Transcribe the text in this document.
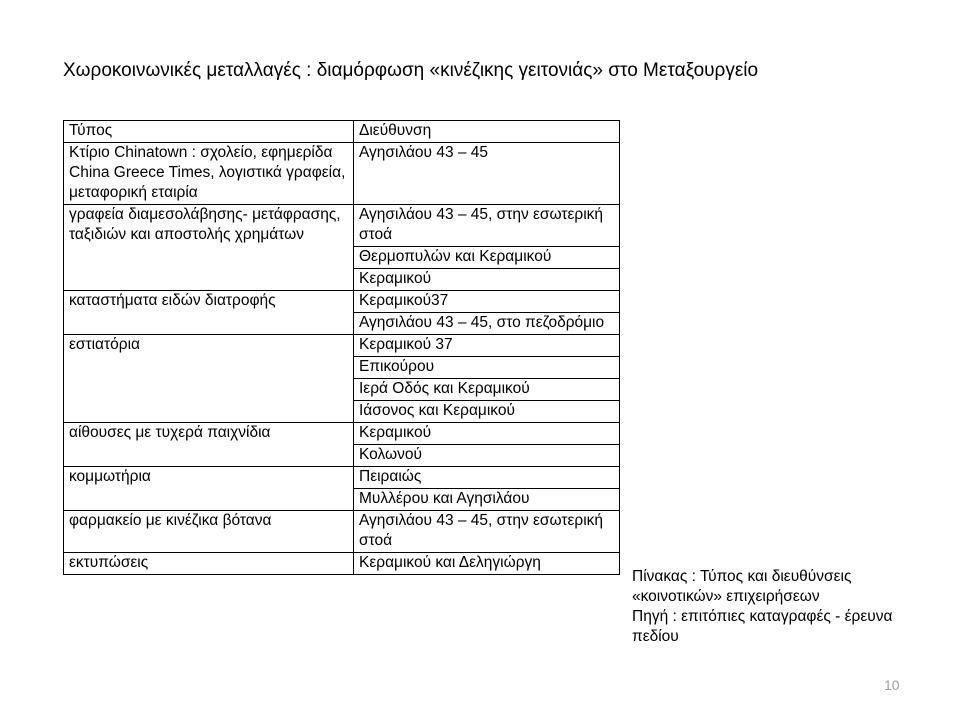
Χωροκοινωνικές μεταλλαγές : διαμόρφωση «κινέζικης γειτονιάς» στο Μεταξουργείο
Τύπος	Διεύθυνση
Κτίριο Chinatown : σχολείο, εφημερίδα China Greece Times, λογιστικά γραφεία, μεταφορική εταιρία	Αγησιλάου 43 – 45
γραφεία διαμεσολάβησης- μετάφρασης, ταξιδιών και αποστολής χρημάτων	Αγησιλάου 43 – 45, στην εσωτερική στοά
	Θερμοπυλών και Κεραμικού
	Κεραμικού
καταστήματα ειδών διατροφής	Κεραμικού37
	Αγησιλάου 43 – 45, στο πεζοδρόμιο
εστιατόρια	Κεραμικού 37
	Επικούρου
	Ιερά Οδός και Κεραμικού
	Ιάσονος και Κεραμικού
αίθουσες με τυχερά παιχνίδια	Κεραμικού
	Κολωνού
κομμωτήρια	Πειραιώς
	Μυλλέρου και Αγησιλάου
φαρμακείο με κινέζικα βότανα	Αγησιλάου 43 – 45, στην εσωτερική στοά
εκτυπώσεις	Κεραμικού και Δεληγιώργη
Πίνακας : Τύπος και διευθύνσεις «κοινοτικών» επιχειρήσεων
Πηγή : επιτόπιες καταγραφές - έρευνα πεδίου
10
